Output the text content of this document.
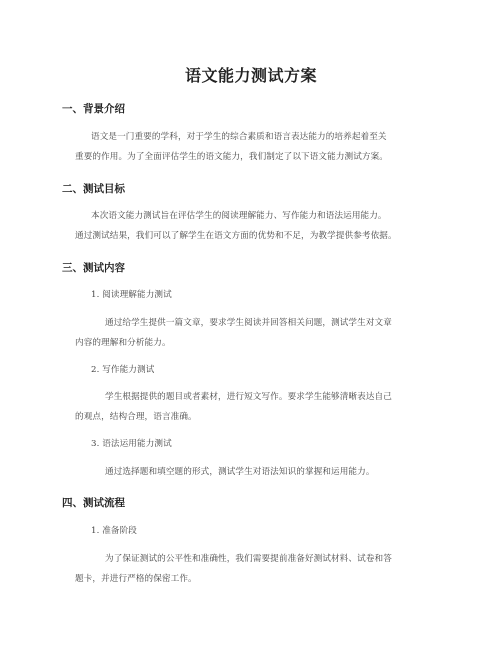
语文能力测试方案
一、背景介绍
语文是一门重要的学科，对于学生的综合素质和语言表达能力的培养起着至关
重要的作用。为了全面评估学生的语文能力，我们制定了以下语文能力测试方案。
二、测试目标
本次语文能力测试旨在评估学生的阅读理解能力、写作能力和语法运用能力。
通过测试结果，我们可以了解学生在语文方面的优势和不足，为教学提供参考依据。
三、测试内容
1. 阅读理解能力测试
通过给学生提供一篇文章，要求学生阅读并回答相关问题，测试学生对文章
内容的理解和分析能力。
2. 写作能力测试
学生根据提供的题目或者素材，进行短文写作。要求学生能够清晰表达自己
的观点，结构合理，语言准确。
3. 语法运用能力测试
通过选择题和填空题的形式，测试学生对语法知识的掌握和运用能力。
四、测试流程
1. 准备阶段
为了保证测试的公平性和准确性，我们需要提前准备好测试材料、试卷和答
题卡，并进行严格的保密工作。
